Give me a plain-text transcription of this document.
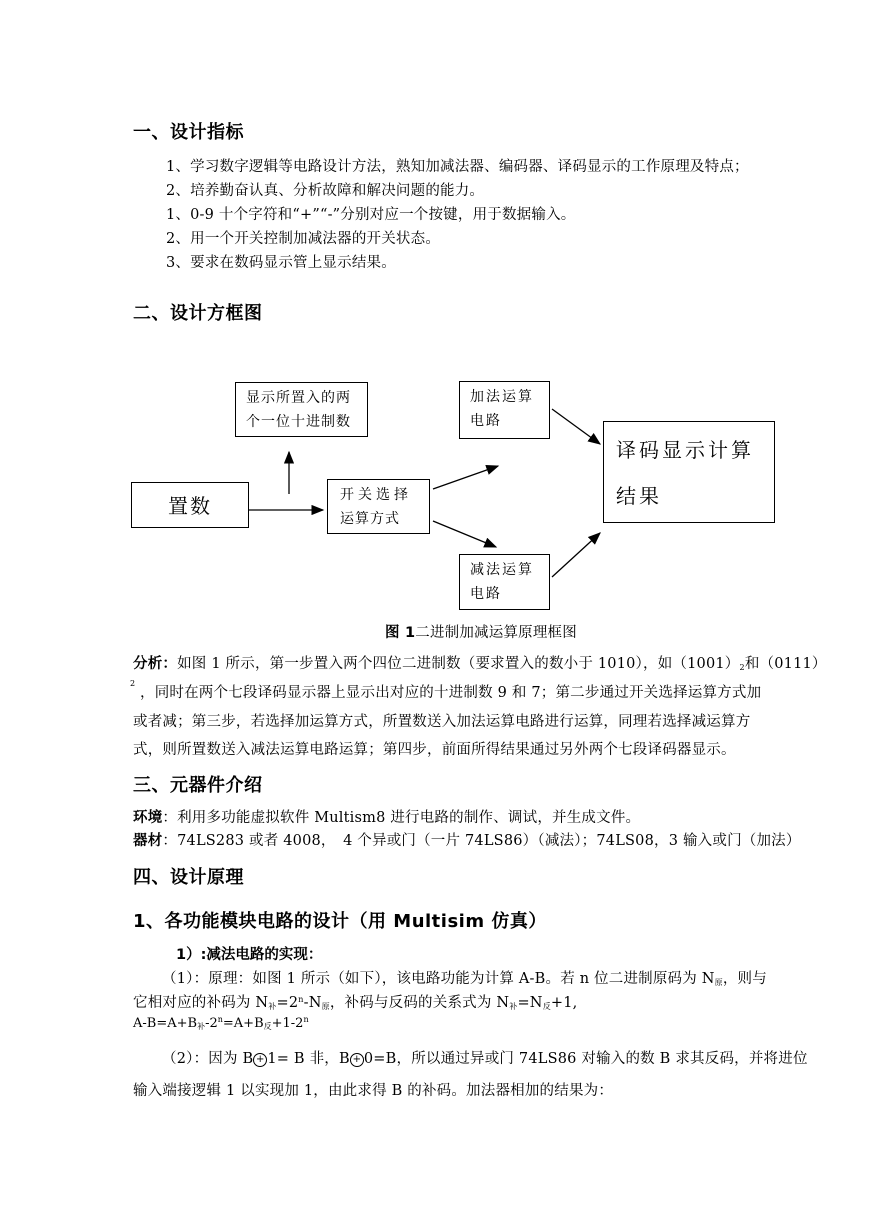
一、设计指标
1、学习数字逻辑等电路设计方法，熟知加减法器、编码器、译码显示的工作原理及特点；
2、培养勤奋认真、分析故障和解决问题的能力。
1、0-9 十个字符和“+”“-”分别对应一个按键，用于数据输入。
2、用一个开关控制加减法器的开关状态。
3、要求在数码显示管上显示结果。
二、设计方框图
显示所置入的两
个一位十进制数
加法运算
电路
译码显示计算
结果
置数	开关选择
运算方式
减法运算
电路
图 1二进制加减运算原理框图
分析：如图 1 所示，第一步置入两个四位二进制数（要求置入的数小于 1010），如$(1001)_2$和（0111）
2
，同时在两个七段译码显示器上显示出对应的十进制数 9 和 7；第二步通过开关选择运算方式加
或者减；第三步，若选择加运算方式，所置数送入加法运算电路进行运算，同理若选择减运算方
式，则所置数送入减法运算电路运算；第四步，前面所得结果通过另外两个七段译码器显示。
三、元器件介绍
环境：利用多功能虚拟软件 Multism8 进行电路的制作、调试，并生成文件。
器材：74LS283 或者 4008，　4 个异或门（一片 74LS86）（减法）；74LS08，3 输入或门（加法）
四、设计原理
1、各功能模块电路的设计（用 Multisim 仿真）
1）:减法电路的实现：
（1）：原理：如图 1 所示（如下），该电路功能为计算 A-B。若 n 位二进制原码为 $N_原$，则与
它相对应的补码为 $N_补=2^n-N_原$，补码与反码的关系式为 $N_补=N_反+1$,
$A-B=A+B_补-2^n=A+B_反+1-2^n$
（2）：因为 B + 1= B 非，B + 0=B，所以通过异或门 74LS86 对输入的数 B 求其反码，并将进位
输入端接逻辑 1 以实现加 1，由此求得 B 的补码。加法器相加的结果为：
